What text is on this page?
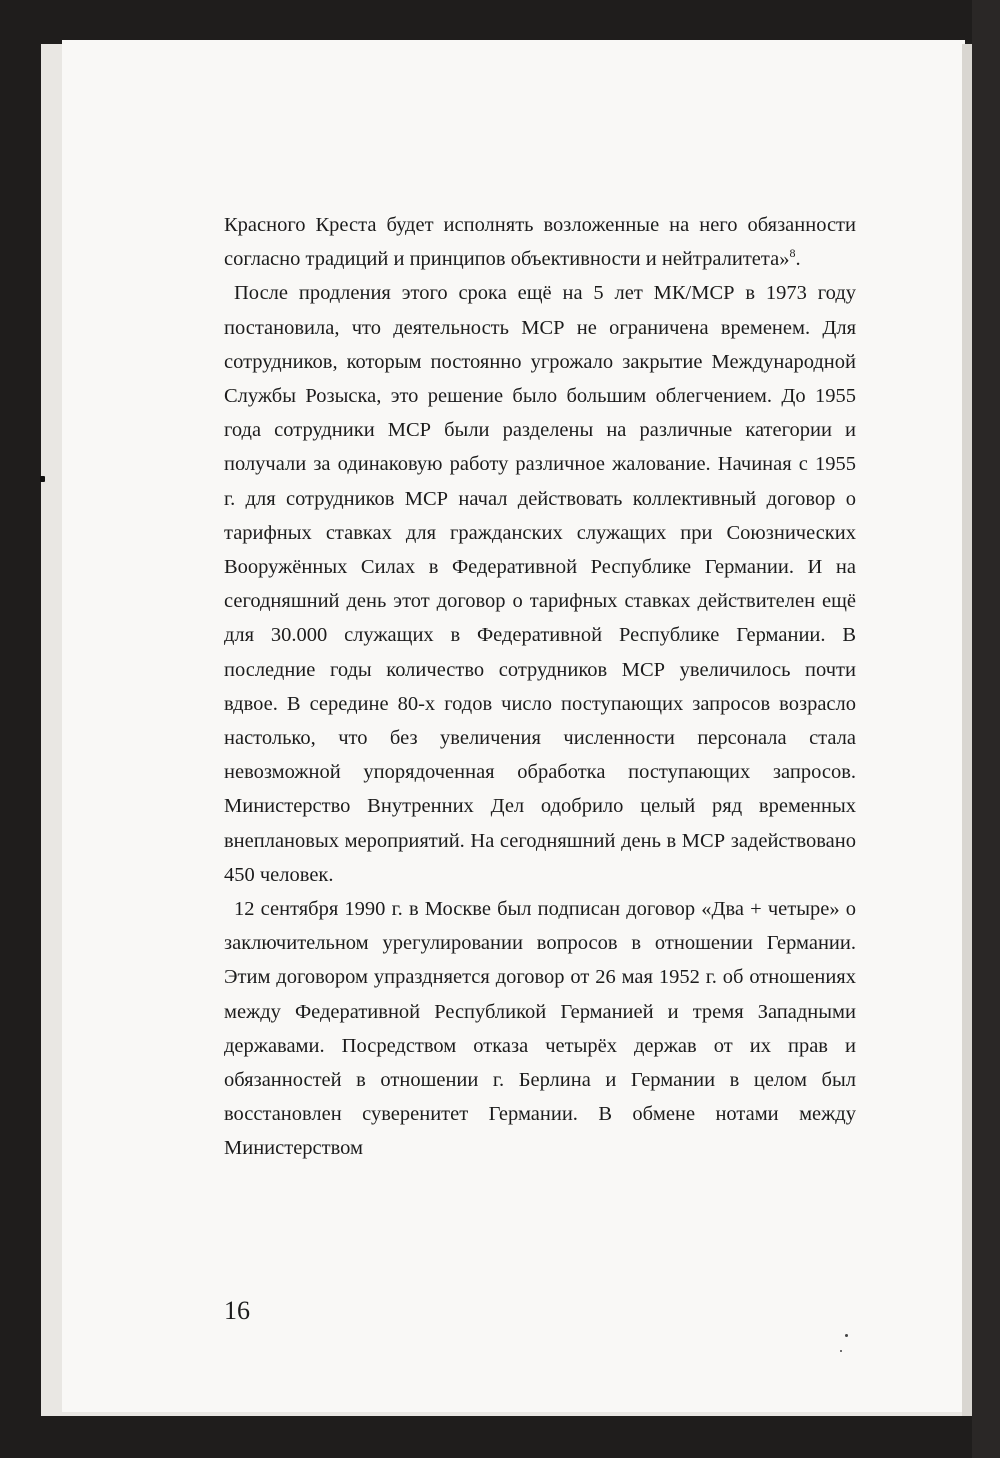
Красного Креста будет исполнять возложенные на него обязанности согласно традиций и принципов объективности и нейтралитета»$^8$.

После продления этого срока ещё на 5 лет МК/МСР в 1973 году постановила, что деятельность МСР не ограничена временем. Для сотрудников, которым постоянно угрожало закрытие Международной Службы Розыска, это решение было большим облегчением. До 1955 года сотрудники МСР были разделены на различные категории и получали за одинаковую работу различное жалование. Начиная с 1955 г. для сотрудников МСР начал действовать коллективный договор о тарифных ставках для гражданских служащих при Союзнических Вооружённых Силах в Федеративной Республике Германии. И на сегодняшний день этот договор о тарифных ставках действителен ещё для 30.000 служащих в Федеративной Республике Германии. В последние годы количество сотрудников МСР увеличилось почти вдвое. В середине 80-х годов число поступающих запросов возрасло настолько, что без увеличения численности персонала стала невозможной упорядоченная обработка поступающих запросов. Министерство Внутренних Дел одобрило целый ряд временных внеплановых мероприятий. На сегодняшний день в МСР задействовано 450 человек.

12 сентября 1990 г. в Москве был подписан договор «Два + четыре» о заключительном урегулировании вопросов в отношении Германии. Этим договором упраздняется договор от 26 мая 1952 г. об отношениях между Федеративной Республикой Германией и тремя Западными державами. Посредством отказа четырёх держав от их прав и обязанностей в отношении г. Берлина и Германии в целом был восстановлен суверенитет Германии. В обмене нотами между Министерством

16
